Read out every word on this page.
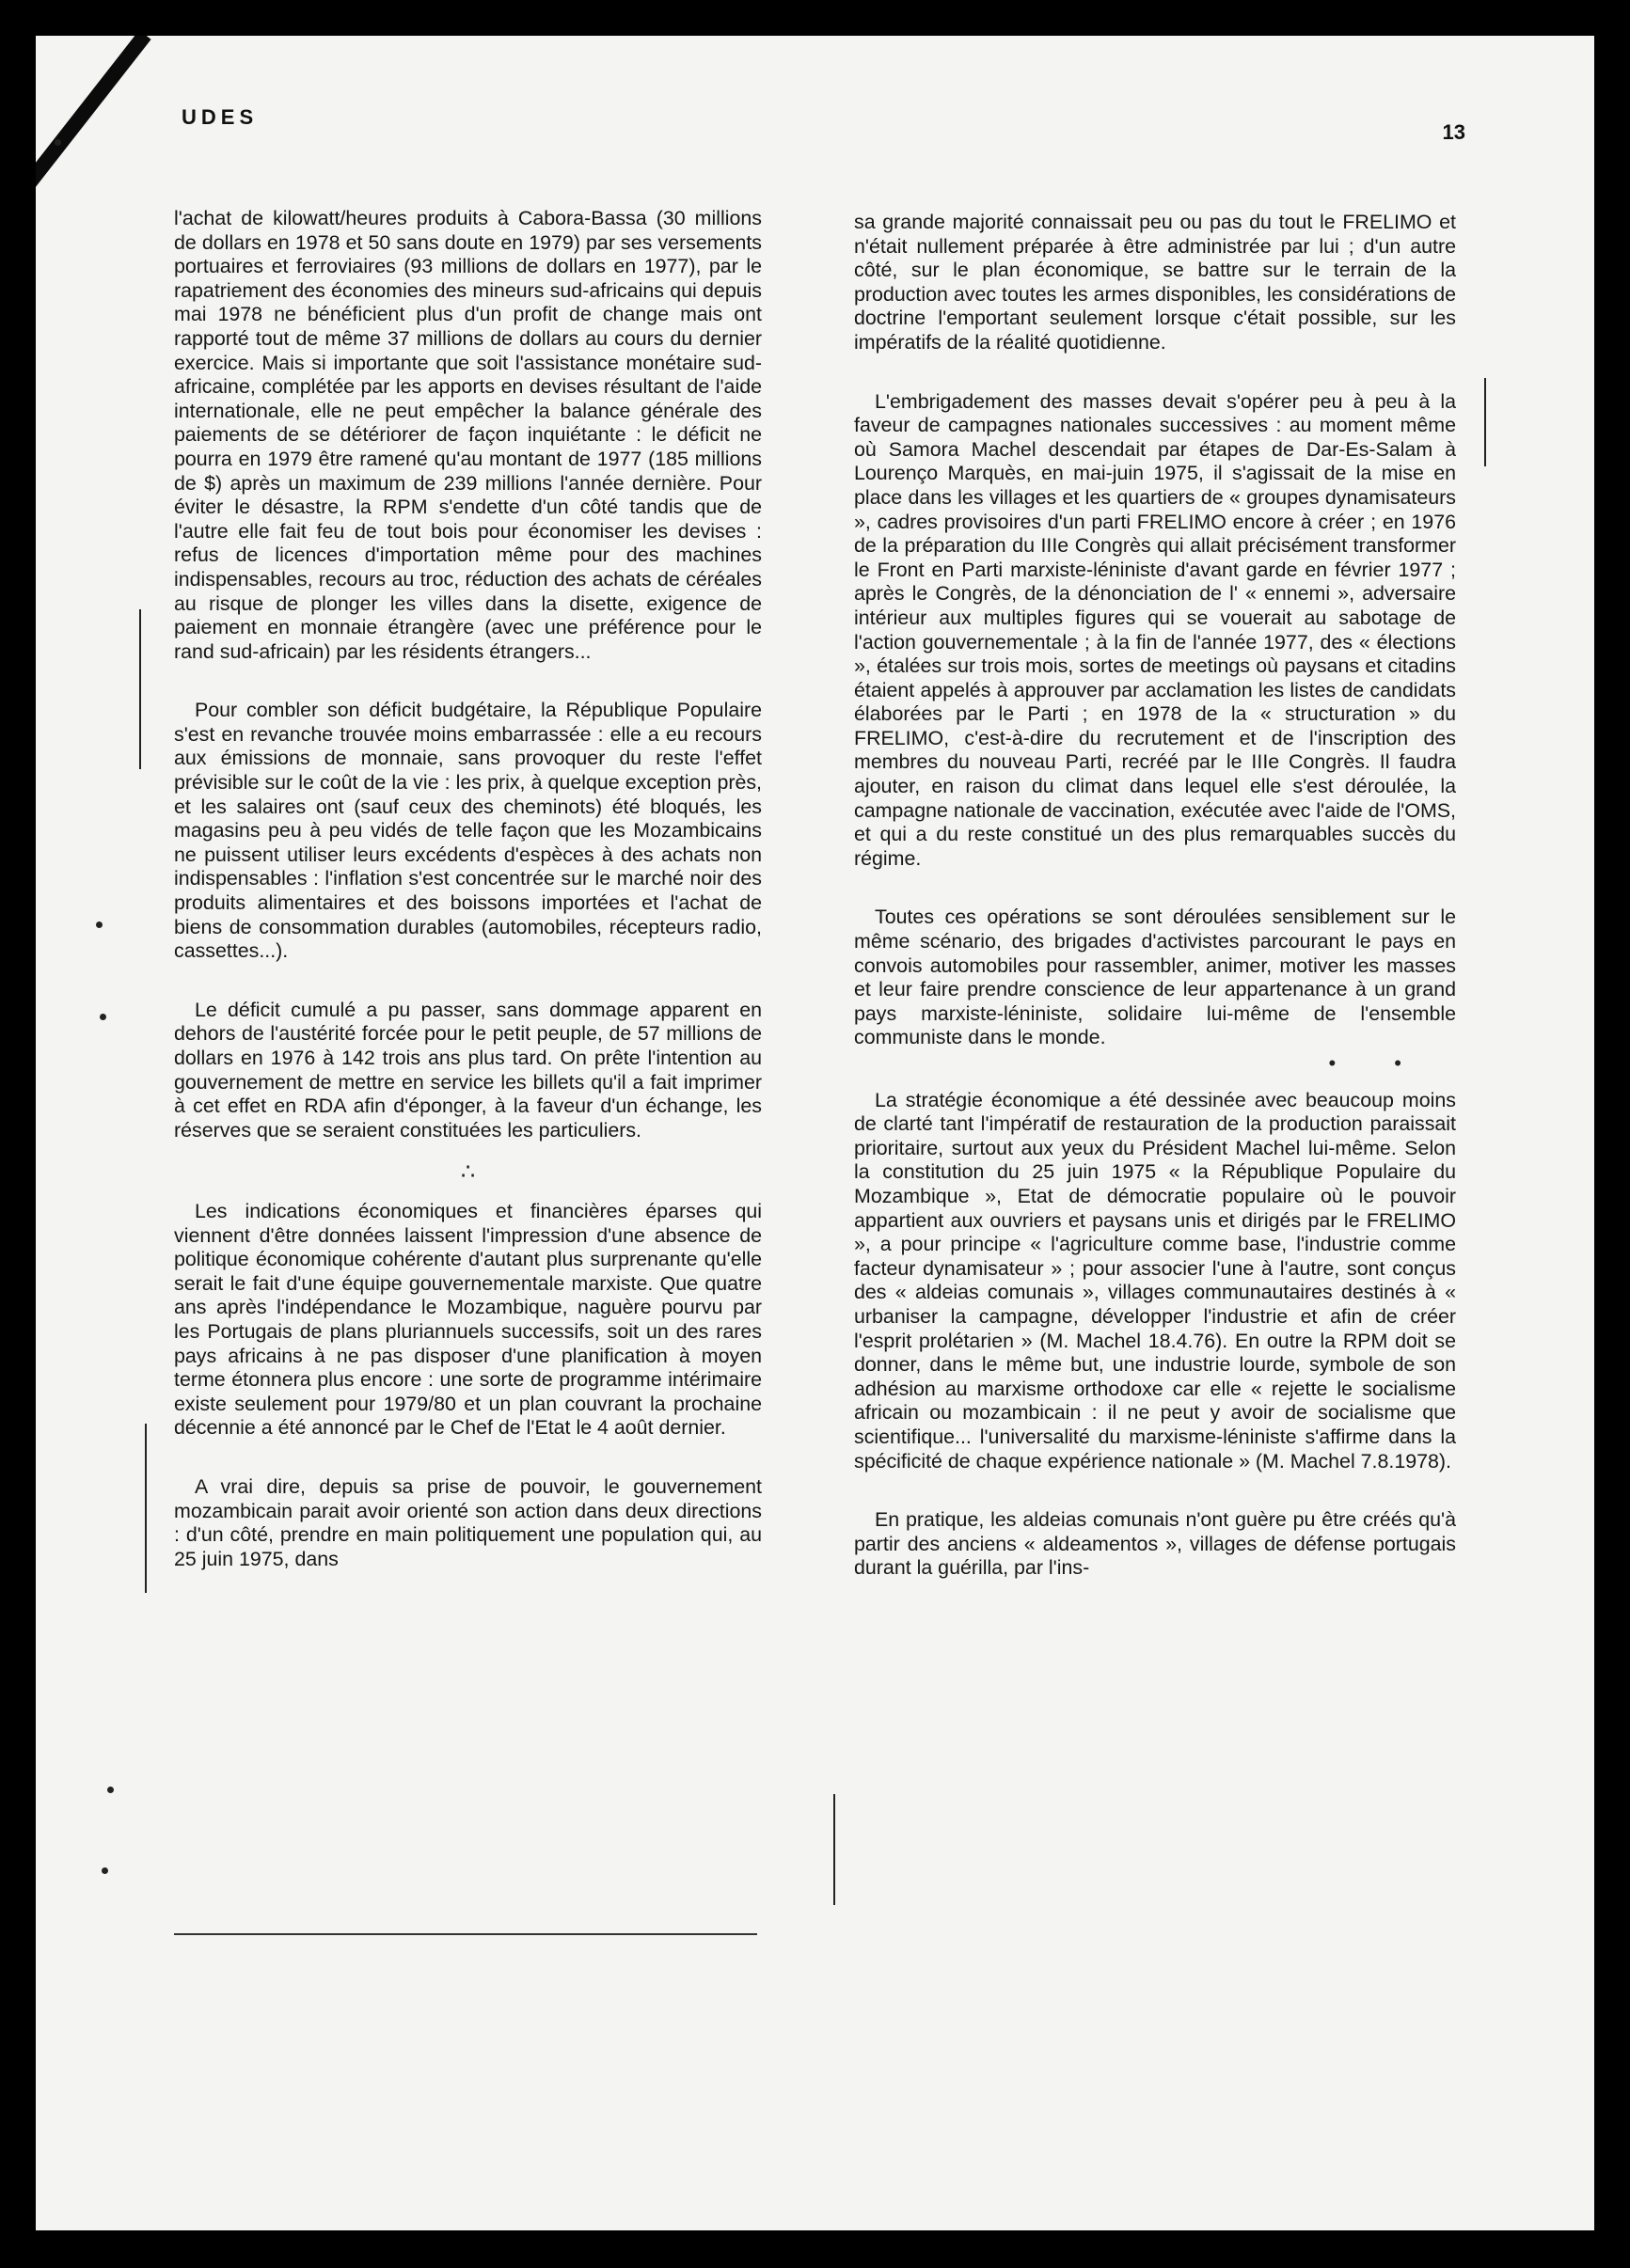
UDES
13

l'achat de kilowatt/heures produits à Cabora-Bassa (30 millions de dollars en 1978 et 50 sans doute en 1979) par ses versements portuaires et ferroviaires (93 millions de dollars en 1977), par le rapatriement des économies des mineurs sud-africains qui depuis mai 1978 ne bénéficient plus d'un profit de change mais ont rapporté tout de même 37 millions de dollars au cours du dernier exercice. Mais si importante que soit l'assistance monétaire sud-africaine, complétée par les apports en devises résultant de l'aide internationale, elle ne peut empêcher la balance générale des paiements de se détériorer de façon inquiétante : le déficit ne pourra en 1979 être ramené qu'au montant de 1977 (185 millions de $) après un maximum de 239 millions l'année dernière. Pour éviter le désastre, la RPM s'endette d'un côté tandis que de l'autre elle fait feu de tout bois pour économiser les devises : refus de licences d'importation même pour des machines indispensables, recours au troc, réduction des achats de céréales au risque de plonger les villes dans la disette, exigence de paiement en monnaie étrangère (avec une préférence pour le rand sud-africain) par les résidents étrangers...

Pour combler son déficit budgétaire, la République Populaire s'est en revanche trouvée moins embarrassée : elle a eu recours aux émissions de monnaie, sans provoquer du reste l'effet prévisible sur le coût de la vie : les prix, à quelque exception près, et les salaires ont (sauf ceux des cheminots) été bloqués, les magasins peu à peu vidés de telle façon que les Mozambicains ne puissent utiliser leurs excédents d'espèces à des achats non indispensables : l'inflation s'est concentrée sur le marché noir des produits alimentaires et des boissons importées et l'achat de biens de consommation durables (automobiles, récepteurs radio, cassettes...).

Le déficit cumulé a pu passer, sans dommage apparent en dehors de l'austérité forcée pour le petit peuple, de 57 millions de dollars en 1976 à 142 trois ans plus tard. On prête l'intention au gouvernement de mettre en service les billets qu'il a fait imprimer à cet effet en RDA afin d'éponger, à la faveur d'un échange, les réserves que se seraient constituées les particuliers.

∴

Les indications économiques et financières éparses qui viennent d'être données laissent l'impression d'une absence de politique économique cohérente d'autant plus surprenante qu'elle serait le fait d'une équipe gouvernementale marxiste. Que quatre ans après l'indépendance le Mozambique, naguère pourvu par les Portugais de plans pluriannuels successifs, soit un des rares pays africains à ne pas disposer d'une planification à moyen terme étonnera plus encore : une sorte de programme intérimaire existe seulement pour 1979/80 et un plan couvrant la prochaine décennie a été annoncé par le Chef de l'Etat le 4 août dernier.

A vrai dire, depuis sa prise de pouvoir, le gouvernement mozambicain parait avoir orienté son action dans deux directions : d'un côté, prendre en main politiquement une population qui, au 25 juin 1975, dans

sa grande majorité connaissait peu ou pas du tout le FRELIMO et n'était nullement préparée à être administrée par lui ; d'un autre côté, sur le plan économique, se battre sur le terrain de la production avec toutes les armes disponibles, les considérations de doctrine l'emportant seulement lorsque c'était possible, sur les impératifs de la réalité quotidienne.

L'embrigadement des masses devait s'opérer peu à peu à la faveur de campagnes nationales successives : au moment même où Samora Machel descendait par étapes de Dar-Es-Salam à Lourenço Marquès, en mai-juin 1975, il s'agissait de la mise en place dans les villages et les quartiers de « groupes dynamisateurs », cadres provisoires d'un parti FRELIMO encore à créer ; en 1976 de la préparation du IIIe Congrès qui allait précisément transformer le Front en Parti marxiste-léniniste d'avant garde en février 1977 ; après le Congrès, de la dénonciation de l' « ennemi », adversaire intérieur aux multiples figures qui se vouerait au sabotage de l'action gouvernementale ; à la fin de l'année 1977, des « élections », étalées sur trois mois, sortes de meetings où paysans et citadins étaient appelés à approuver par acclamation les listes de candidats élaborées par le Parti ; en 1978 de la « structuration » du FRELIMO, c'est-à-dire du recrutement et de l'inscription des membres du nouveau Parti, recréé par le IIIe Congrès. Il faudra ajouter, en raison du climat dans lequel elle s'est déroulée, la campagne nationale de vaccination, exécutée avec l'aide de l'OMS, et qui a du reste constitué un des plus remarquables succès du régime.

Toutes ces opérations se sont déroulées sensiblement sur le même scénario, des brigades d'activistes parcourant le pays en convois automobiles pour rassembler, animer, motiver les masses et leur faire prendre conscience de leur appartenance à un grand pays marxiste-léniniste, solidaire lui-même de l'ensemble communiste dans le monde.

• •

La stratégie économique a été dessinée avec beaucoup moins de clarté tant l'impératif de restauration de la production paraissait prioritaire, surtout aux yeux du Président Machel lui-même. Selon la constitution du 25 juin 1975 « la République Populaire du Mozambique », Etat de démocratie populaire où le pouvoir appartient aux ouvriers et paysans unis et dirigés par le FRELIMO », a pour principe « l'agriculture comme base, l'industrie comme facteur dynamisateur » ; pour associer l'une à l'autre, sont conçus des « aldeias comunais », villages communautaires destinés à « urbaniser la campagne, développer l'industrie et afin de créer l'esprit prolétarien » (M. Machel 18.4.76). En outre la RPM doit se donner, dans le même but, une industrie lourde, symbole de son adhésion au marxisme orthodoxe car elle « rejette le socialisme africain ou mozambicain : il ne peut y avoir de socialisme que scientifique... l'universalité du marxisme-léniniste s'affirme dans la spécificité de chaque expérience nationale » (M. Machel 7.8.1978).

En pratique, les aldeias comunais n'ont guère pu être créés qu'à partir des anciens « aldeamentos », villages de défense portugais durant la guérilla, par l'ins-
